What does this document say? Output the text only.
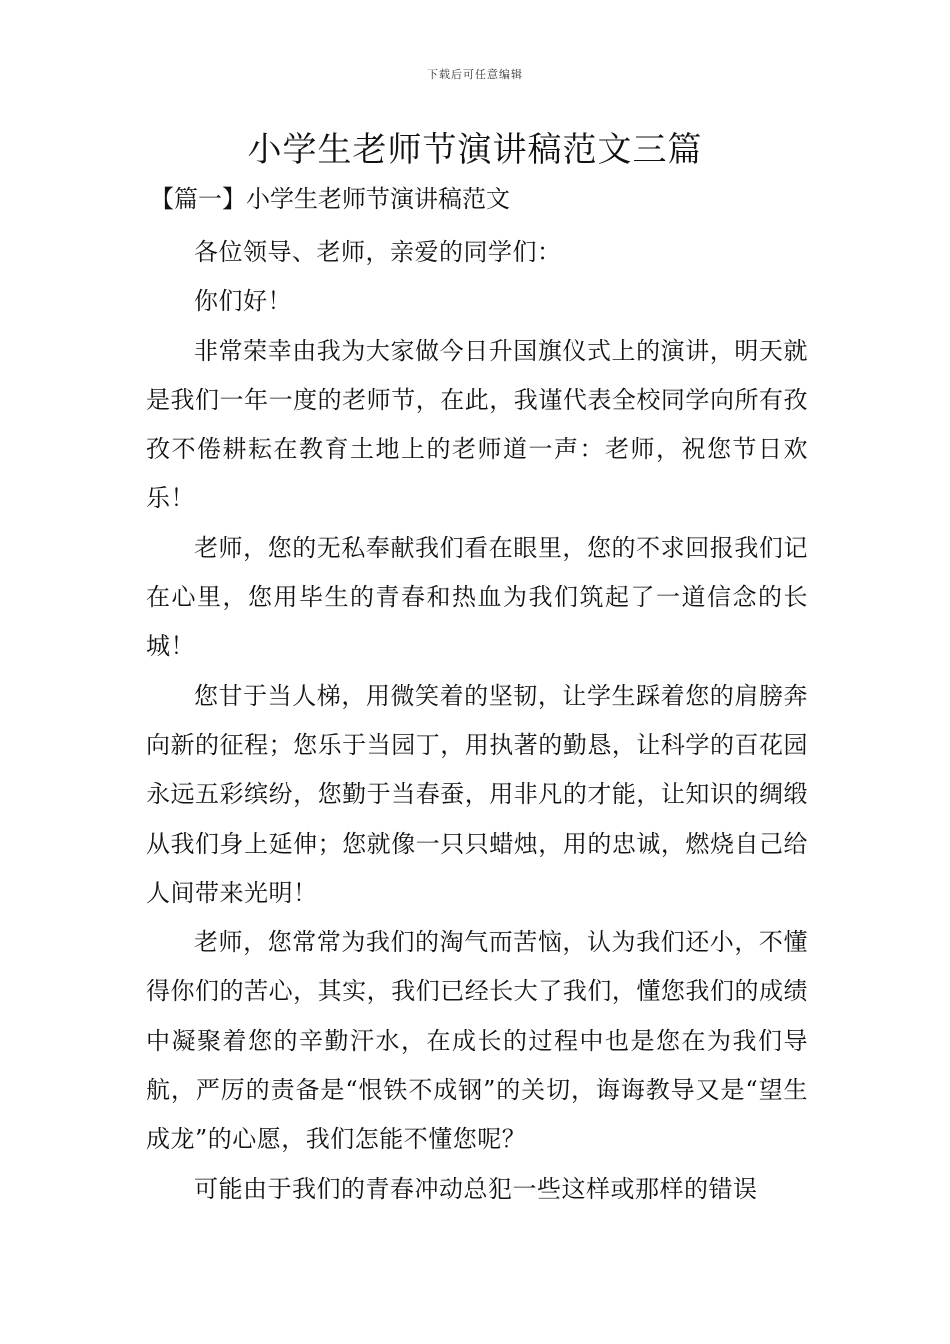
下载后可任意编辑
小学生老师节演讲稿范文三篇
【篇一】小学生老师节演讲稿范文

各位领导、老师，亲爱的同学们：

你们好！

非常荣幸由我为大家做今日升国旗仪式上的演讲，明天就是我们一年一度的老师节，在此，我谨代表全校同学向所有孜孜不倦耕耘在教育土地上的老师道一声：老师，祝您节日欢乐！

老师，您的无私奉献我们看在眼里，您的不求回报我们记在心里，您用毕生的青春和热血为我们筑起了一道信念的长城！

您甘于当人梯，用微笑着的坚韧，让学生踩着您的肩膀奔向新的征程；您乐于当园丁，用执著的勤恳，让科学的百花园永远五彩缤纷，您勤于当春蚕，用非凡的才能，让知识的绸缎从我们身上延伸；您就像一只只蜡烛，用的忠诚，燃烧自己给人间带来光明！

老师，您常常为我们的淘气而苦恼，认为我们还小，不懂得你们的苦心，其实，我们已经长大了我们，懂您我们的成绩中凝聚着您的辛勤汗水，在成长的过程中也是您在为我们导航，严厉的责备是“恨铁不成钢”的关切，诲诲教导又是“望生成龙”的心愿，我们怎能不懂您呢？

可能由于我们的青春冲动总犯一些这样或那样的错误
